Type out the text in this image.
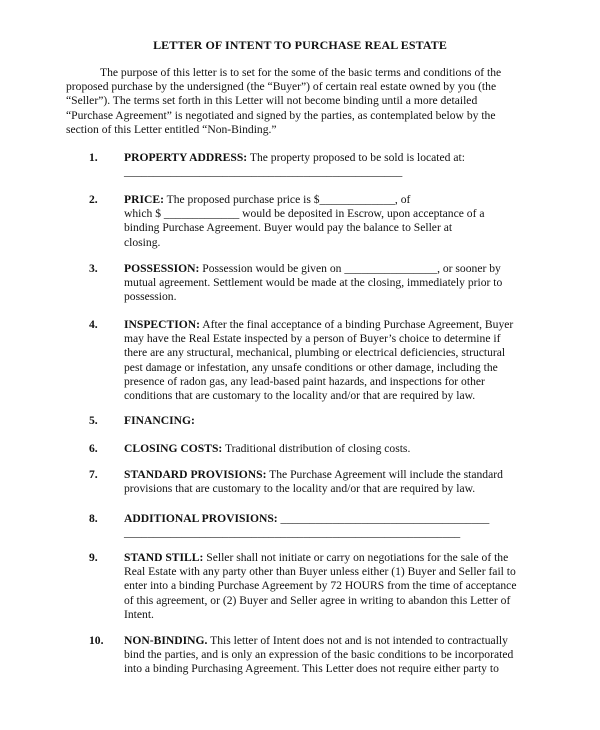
LETTER OF INTENT TO PURCHASE REAL ESTATE

The purpose of this letter is to set for the some of the basic terms and conditions of the proposed purchase by the undersigned (the “Buyer”) of certain real estate owned by you (the “Seller”). The terms set forth in this Letter will not become binding until a more detailed “Purchase Agreement” is negotiated and signed by the parties, as contemplated below by the section of this Letter entitled “Non-Binding.”

1. PROPERTY ADDRESS: The property proposed to be sold is located at:
________________________________________________
2. PRICE: The proposed purchase price is $_____________, of
which $ _____________ would be deposited in Escrow, upon acceptance of a
binding Purchase Agreement. Buyer would pay the balance to Seller at
closing.
3. POSSESSION: Possession would be given on ________________, or sooner by
mutual agreement. Settlement would be made at the closing, immediately prior to
possession.
4. INSPECTION: After the final acceptance of a binding Purchase Agreement, Buyer
may have the Real Estate inspected by a person of Buyer’s choice to determine if
there are any structural, mechanical, plumbing or electrical deficiencies, structural
pest damage or infestation, any unsafe conditions or other damage, including the
presence of radon gas, any lead-based paint hazards, and inspections for other
conditions that are customary to the locality and/or that are required by law.
5. FINANCING:
6. CLOSING COSTS: Traditional distribution of closing costs.
7. STANDARD PROVISIONS: The Purchase Agreement will include the standard
provisions that are customary to the locality and/or that are required by law.
8. ADDITIONAL PROVISIONS: ____________________________________
__________________________________________________________
9. STAND STILL: Seller shall not initiate or carry on negotiations for the sale of the
Real Estate with any party other than Buyer unless either (1) Buyer and Seller fail to
enter into a binding Purchase Agreement by 72 HOURS from the time of acceptance
of this agreement, or (2) Buyer and Seller agree in writing to abandon this Letter of
Intent.
10. NON-BINDING. This letter of Intent does not and is not intended to contractually
bind the parties, and is only an expression of the basic conditions to be incorporated
into a binding Purchasing Agreement. This Letter does not require either party to
